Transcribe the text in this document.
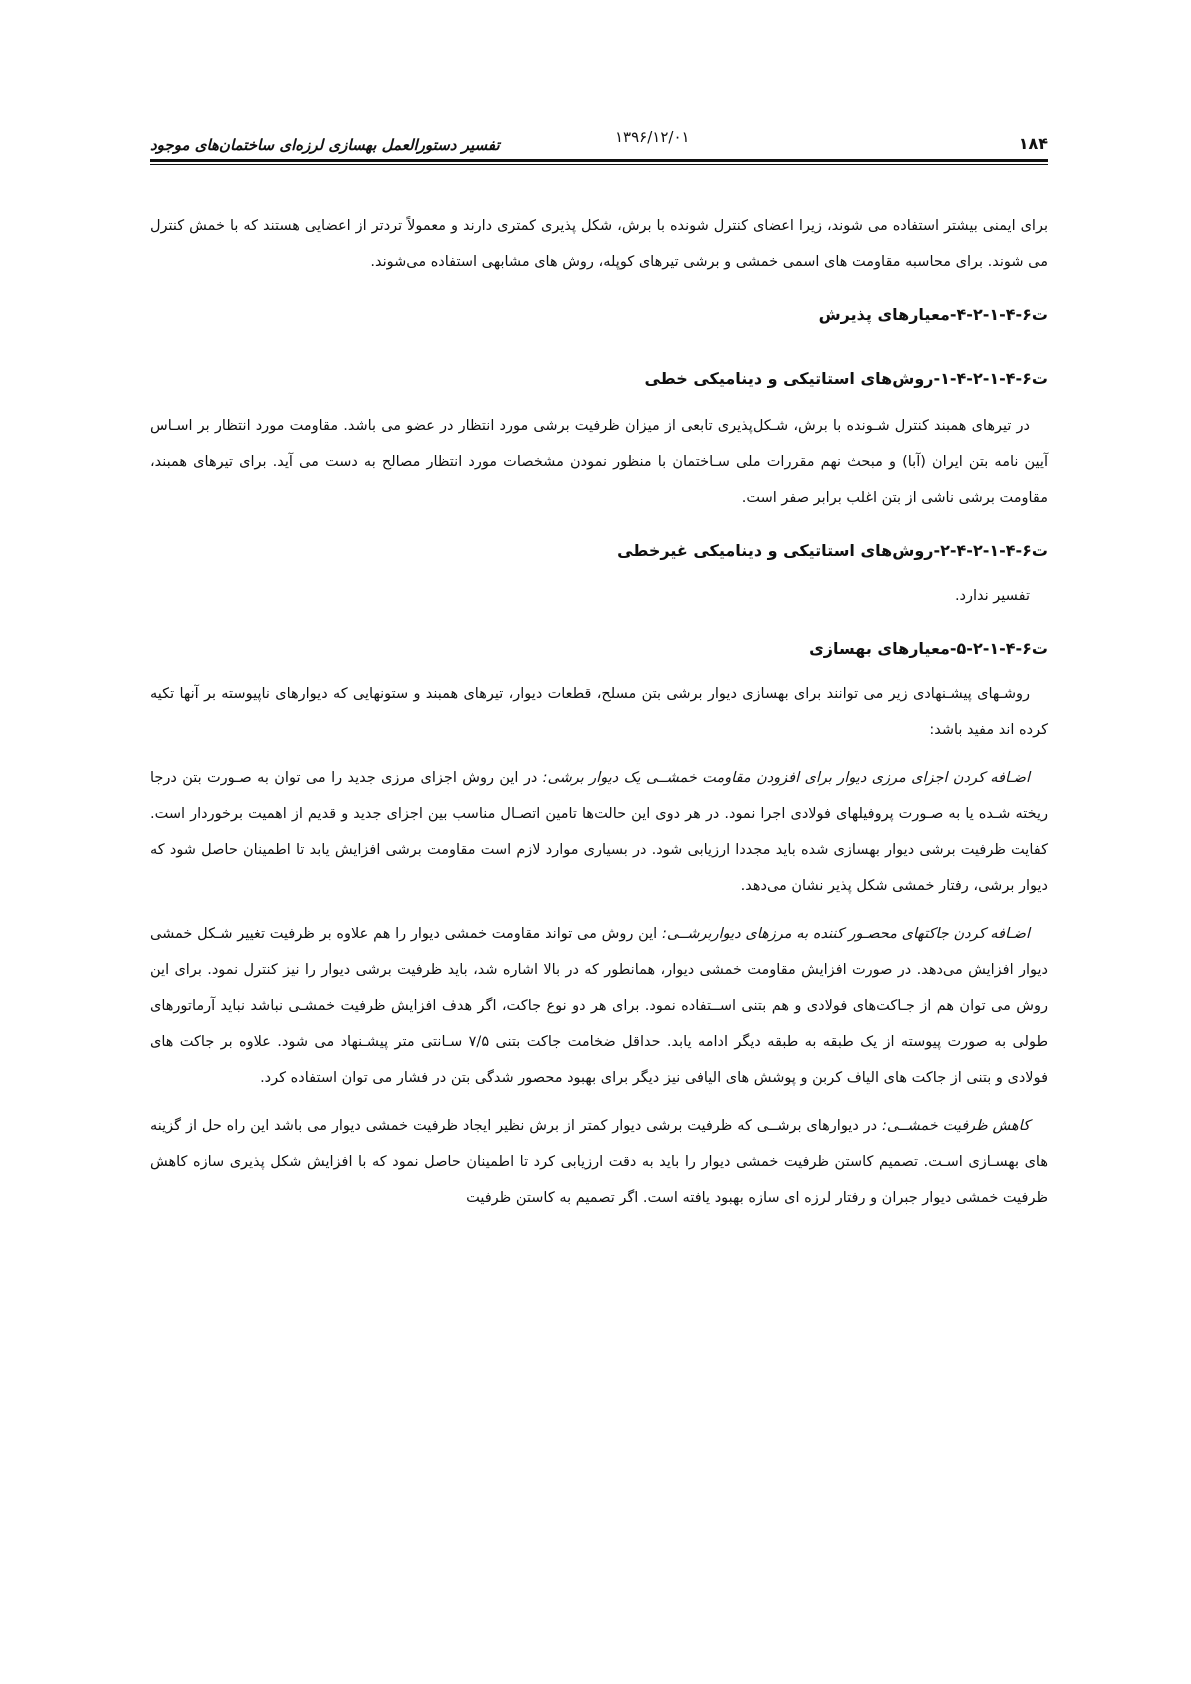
۱۸۴
۱۳۹۶/۱۲/۰۱
تفسیر دستورالعمل بهسازی لرزه‌ای ساختمان‌های موجود

برای ایمنی بیشتر استفاده می شوند، زیرا اعضای کنترل شونده با برش، شکل پذیری کمتری دارند و معمولاً تردتر از اعضایی هستند که با خمش کنترل می شوند. برای محاسبه مقاومت های اسمی خمشی و برشی تیرهای کوپله، روش های مشابهی استفاده می‌شوند.

ت۶-۴-۱-۲-۴-معیارهای پذیرش
ت۶-۴-۱-۲-۴-۱-روش‌های استاتیکی و دینامیکی خطی

در تیرهای همبند کنترل شـونده با برش، شـکل‌پذیری تابعی از میزان ظرفیت برشی مورد انتظار در عضو می باشد. مقاومت مورد انتظار بر اسـاس آیین نامه بتن ایران (آبا) و مبحث نهم مقررات ملی سـاختمان با منظور نمودن مشخصات مورد انتظار مصالح به دست می آید. برای تیرهای همبند، مقاومت برشی ناشی از بتن اغلب برابر صفر است.

ت۶-۴-۱-۲-۴-۲-روش‌های استاتیکی و دینامیکی غیرخطی

تفسیر ندارد.

ت۶-۴-۱-۲-۵-معیارهای بهسازی

روشـهای پیشـنهادی زیر می توانند برای بهسازی دیوار برشی بتن مسلح، قطعات دیوار، تیرهای همبند و ستونهایی که دیوارهای ناپیوسته بر آنها تکیه کرده اند مفید باشد:

اضـافه کردن اجزای مرزی دیوار برای افزودن مقاومت خمشــی یک دیوار برشی: در این روش اجزای مرزی جدید را می توان به صـورت بتن درجا ریخته شـده یا به صـورت پروفیلهای فولادی اجرا نمود. در هر دوی این حالت‌ها تامین اتصـال مناسب بین اجزای جدید و قدیم از اهمیت برخوردار است. کفایت ظرفیت برشی دیوار بهسازی شده باید مجددا ارزیابی شود. در بسیاری موارد لازم است مقاومت برشی افزایش یابد تا اطمینان حاصل شود که دیوار برشی، رفتار خمشی شکل پذیر نشان می‌دهد.

اضـافه کردن جاکتهای محصـور کننده به مرزهای دیواربرشــی: این روش می تواند مقاومت خمشی دیوار را هم علاوه بر ظرفیت تغییر شـکل خمشی دیوار افزایش می‌دهد. در صورت افزایش مقاومت خمشی دیوار، همانطور که در بالا اشاره شد، باید ظرفیت برشی دیوار را نیز کنترل نمود. برای این روش می توان هم از جـاکت‌های فولادی و هم بتنی اســتفاده نمود. برای هر دو نوع جاکت، اگر هدف افزایش ظرفیت خمشـی نباشد نباید آرماتورهای طولی به صورت پیوسته از یک طبقه به طبقه دیگر ادامه یابد. حداقل ضخامت جاکت بتنی ۷/۵ سـانتی متر پیشـنهاد می شود. علاوه بر جاکت های فولادی و بتنی از جاکت های الیاف کربن و پوشش های الیافی نیز دیگر برای بهبود محصور شدگی بتن در فشار می توان استفاده کرد.

کاهش ظرفیت خمشــی: در دیوارهای برشــی که ظرفیت برشی دیوار کمتر از برش نظیر ایجاد ظرفیت خمشی دیوار می باشد این راه حل از گزینه های بهسـازی اسـت. تصمیم کاستن ظرفیت خمشی دیوار را باید به دقت ارزیابی کرد تا اطمینان حاصل نمود که با افزایش شکل پذیری سازه کاهش ظرفیت خمشی دیوار جبران و رفتار لرزه ای سازه بهبود یافته است. اگر تصمیم به کاستن ظرفیت
